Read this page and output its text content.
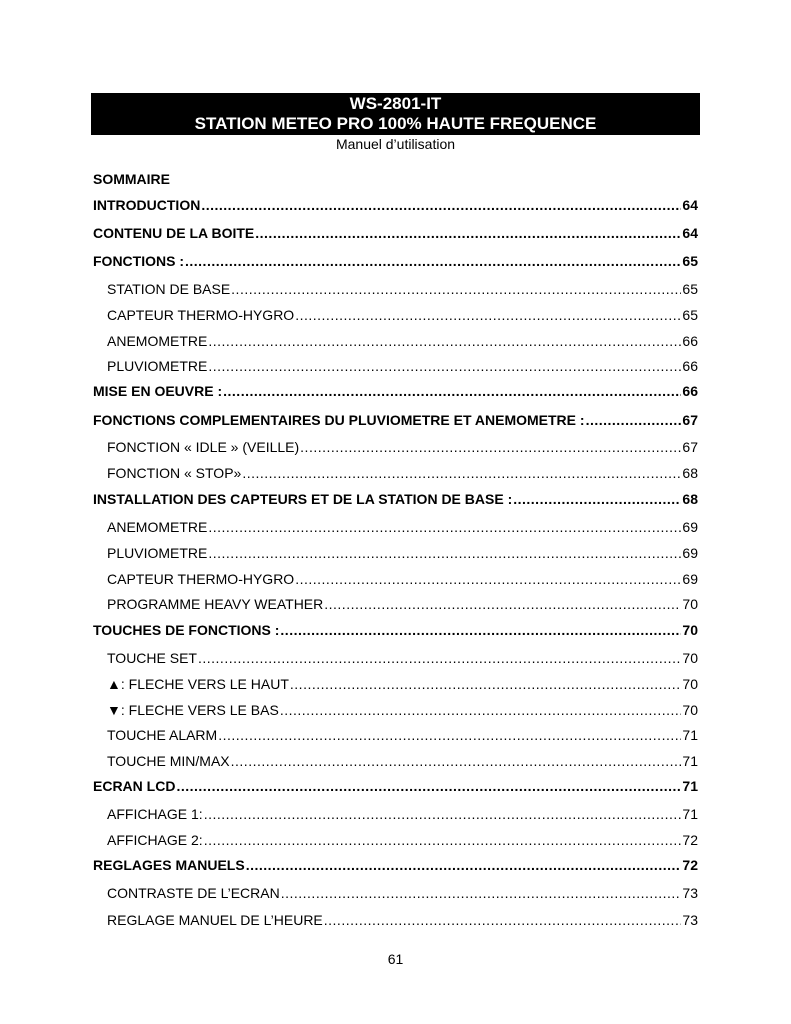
WS-2801-IT
STATION METEO PRO 100% HAUTE FREQUENCE
Manuel d’utilisation
SOMMAIRE
INTRODUCTION .....	64
CONTENU DE LA BOITE .....	64
FONCTIONS : .....	65
STATION DE BASE .....	65
CAPTEUR THERMO-HYGRO .....	65
ANEMOMETRE .....	66
PLUVIOMETRE .....	66
MISE EN OEUVRE : .....	66
FONCTIONS COMPLEMENTAIRES DU PLUVIOMETRE ET ANEMOMETRE : .....	67
FONCTION « IDLE » (VEILLE) .....	67
FONCTION « STOP» .....	68
INSTALLATION DES CAPTEURS ET DE LA STATION DE BASE : .....	68
ANEMOMETRE .....	69
PLUVIOMETRE .....	69
CAPTEUR THERMO-HYGRO .....	69
PROGRAMME HEAVY WEATHER .....	70
TOUCHES DE FONCTIONS : .....	70
TOUCHE SET .....	70
▲: FLECHE VERS LE HAUT .....	70
▼: FLECHE VERS LE BAS .....	70
TOUCHE ALARM .....	71
TOUCHE MIN/MAX .....	71
ECRAN LCD .....	71
AFFICHAGE 1: .....	71
AFFICHAGE 2: .....	72
REGLAGES MANUELS .....	72
CONTRASTE DE L’ECRAN .....	73
REGLAGE MANUEL DE L’HEURE .....	73
61
